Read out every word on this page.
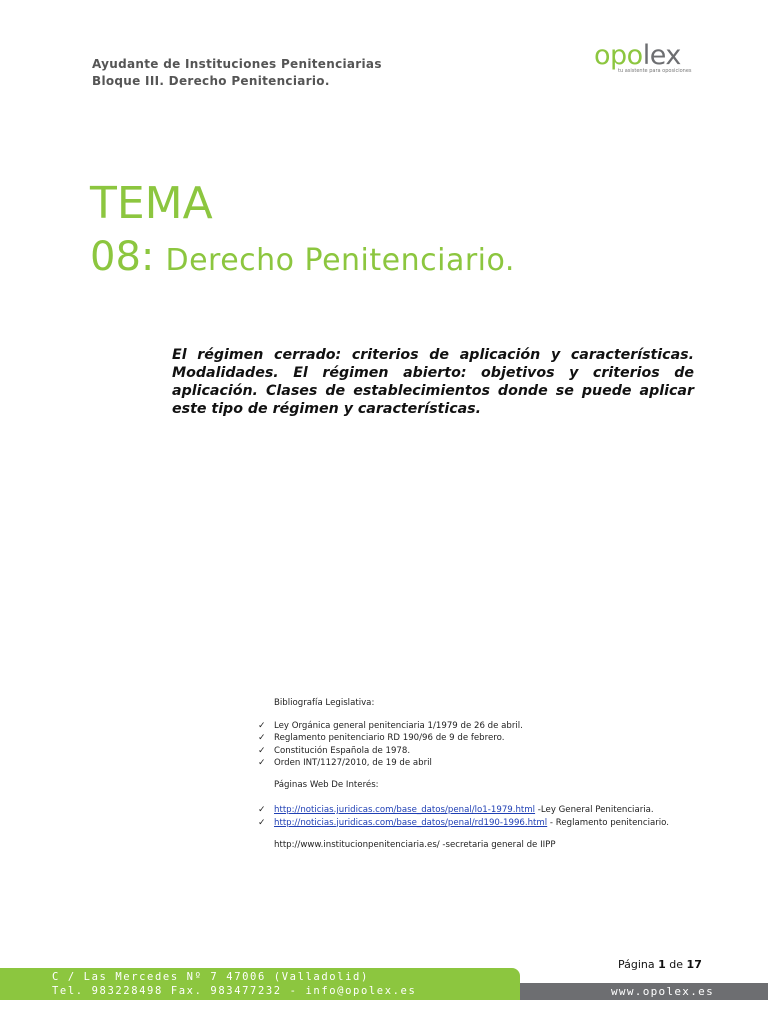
Ayudante de Instituciones Penitenciarias
Bloque III. Derecho Penitenciario.
opolex
tu asistente para oposiciones
TEMA
08: Derecho Penitenciario.
El régimen cerrado: criterios de aplicación y características. Modalidades. El régimen abierto: objetivos y criterios de aplicación. Clases de establecimientos donde se puede aplicar este tipo de régimen y características.
Bibliografía Legislativa:
✓ Ley Orgánica general penitenciaria 1/1979 de 26 de abril.
✓ Reglamento penitenciario RD 190/96 de 9 de febrero.
✓ Constitución Española de 1978.
✓ Orden INT/1127/2010, de 19 de abril
Páginas Web De Interés:
✓ http://noticias.juridicas.com/base_datos/penal/lo1-1979.html -Ley General Penitenciaria.
✓ http://noticias.juridicas.com/base_datos/penal/rd190-1996.html - Reglamento penitenciario.
http://www.institucionpenitenciaria.es/ -secretaria general de IIPP
Página 1 de 17
C / Las Mercedes Nº 7 47006 (Valladolid)
Tel. 983228498 Fax. 983477232 - info@opolex.es	www.opolex.es
